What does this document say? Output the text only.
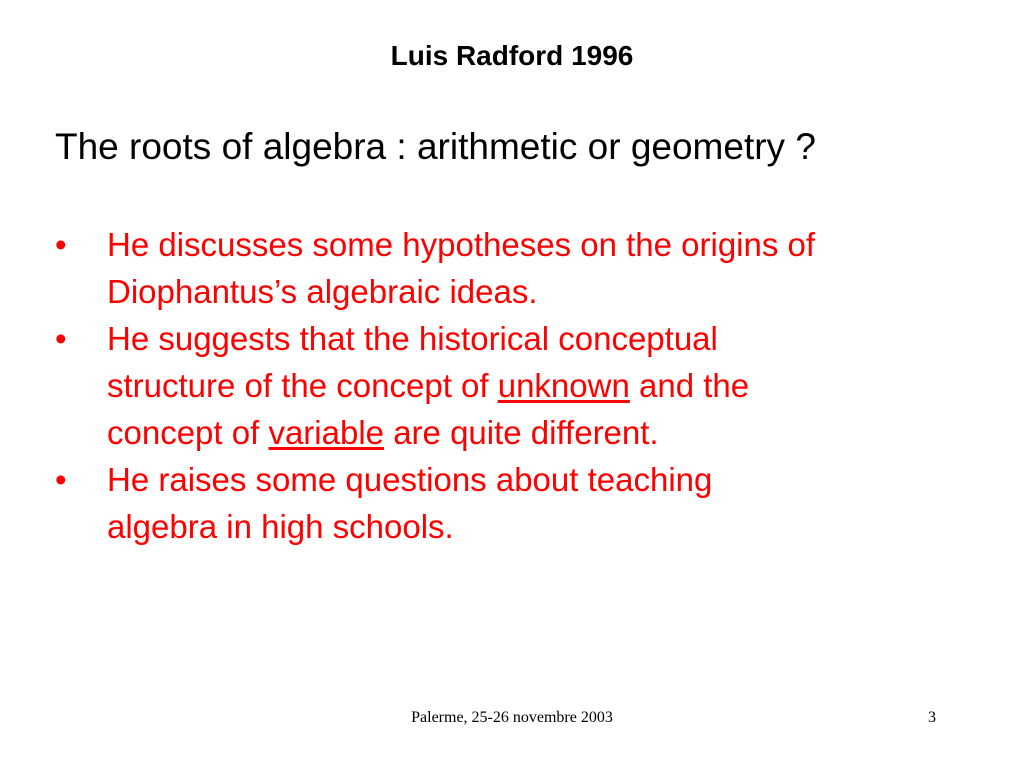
Luis Radford 1996

The roots of algebra : arithmetic or geometry ?

•	He discusses some hypotheses on the origins of
Diophantus’s algebraic ideas.
•	He suggests that the historical conceptual
structure of the concept of unknown and the
concept of variable are quite different.
•	He raises some questions about teaching
algebra in high schools.
Palerme, 25-26 novembre 2003	3
